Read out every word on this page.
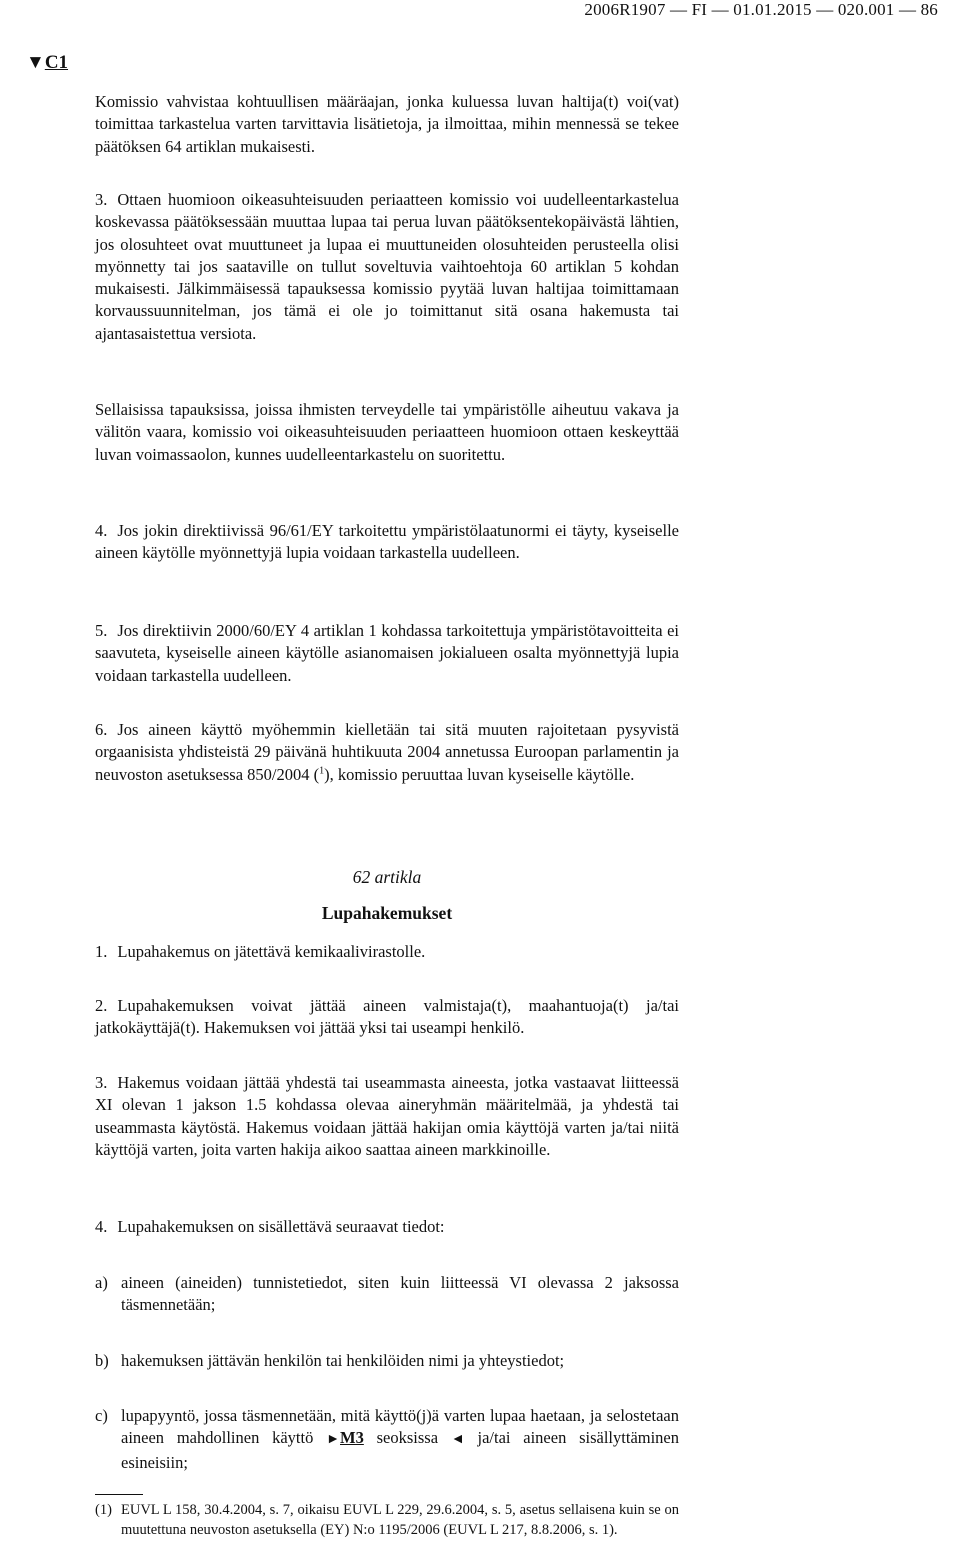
2006R1907 — FI — 01.01.2015 — 020.001 — 86
▼C1

Komissio vahvistaa kohtuullisen määräajan, jonka kuluessa luvan haltija(t) voi(vat) toimittaa tarkastelua varten tarvittavia lisätietoja, ja ilmoittaa, mihin mennessä se tekee päätöksen 64 artiklan mukaisesti.

3. Ottaen huomioon oikeasuhteisuuden periaatteen komissio voi uudelleentarkastelua koskevassa päätöksessään muuttaa lupaa tai perua luvan päätöksentekopäivästä lähtien, jos olosuhteet ovat muuttuneet ja lupaa ei muuttuneiden olosuhteiden perusteella olisi myönnetty tai jos saataville on tullut soveltuvia vaihtoehtoja 60 artiklan 5 kohdan mukaisesti. Jälkimmäisessä tapauksessa komissio pyytää luvan haltijaa toimittamaan korvaussuunnitelman, jos tämä ei ole jo toimittanut sitä osana hakemusta tai ajantasaistettua versiota.

Sellaisissa tapauksissa, joissa ihmisten terveydelle tai ympäristölle aiheutuu vakava ja välitön vaara, komissio voi oikeasuhteisuuden periaatteen huomioon ottaen keskeyttää luvan voimassaolon, kunnes uudelleentarkastelu on suoritettu.

4. Jos jokin direktiivissä 96/61/EY tarkoitettu ympäristölaatunormi ei täyty, kyseiselle aineen käytölle myönnettyjä lupia voidaan tarkastella uudelleen.

5. Jos direktiivin 2000/60/EY 4 artiklan 1 kohdassa tarkoitettuja ympäristötavoitteita ei saavuteta, kyseiselle aineen käytölle asianomaisen jokialueen osalta myönnettyjä lupia voidaan tarkastella uudelleen.

6. Jos aineen käyttö myöhemmin kielletään tai sitä muuten rajoitetaan pysyvistä orgaanisista yhdisteistä 29 päivänä huhtikuuta 2004 annetussa Euroopan parlamentin ja neuvoston asetuksessa 850/2004 ($^1$), komissio peruuttaa luvan kyseiselle käytölle.

62 artikla
Lupahakemukset

1. Lupahakemus on jätettävä kemikaalivirastolle.

2. Lupahakemuksen voivat jättää aineen valmistaja(t), maahantuoja(t) ja/tai jatkokäyttäjä(t). Hakemuksen voi jättää yksi tai useampi henkilö.

3. Hakemus voidaan jättää yhdestä tai useammasta aineesta, jotka vastaavat liitteessä XI olevan 1 jakson 1.5 kohdassa olevaa aineryhmän määritelmää, ja yhdestä tai useammasta käytöstä. Hakemus voidaan jättää hakijan omia käyttöjä varten ja/tai niitä käyttöjä varten, joita varten hakija aikoo saattaa aineen markkinoille.

4. Lupahakemuksen on sisällettävä seuraavat tiedot:

a) aineen (aineiden) tunnistetiedot, siten kuin liitteessä VI olevassa 2 jaksossa täsmennetään;
b) hakemuksen jättävän henkilön tai henkilöiden nimi ja yhteystiedot;
c) lupapyyntö, jossa täsmennetään, mitä käyttö(j)ä varten lupaa haetaan, ja selostetaan aineen mahdollinen käyttö ►M3 seoksissa ◄ ja/tai aineen sisällyttäminen esineisiin;
(1) EUVL L 158, 30.4.2004, s. 7, oikaisu EUVL L 229, 29.6.2004, s. 5, asetus sellaisena kuin se on muutettuna neuvoston asetuksella (EY) N:o 1195/2006 (EUVL L 217, 8.8.2006, s. 1).
